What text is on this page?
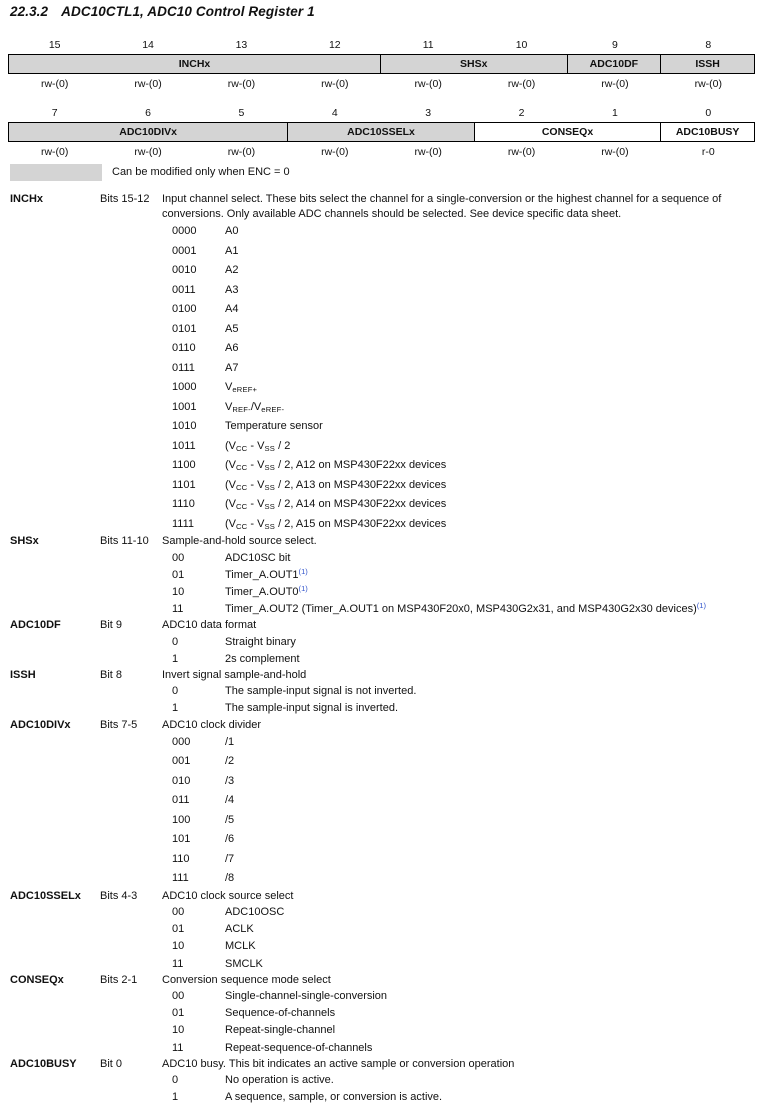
22.3.2 ADC10CTL1, ADC10 Control Register 1
15	14	13	12	11	10	9	8
INCHx	SHSx	ADC10DF	ISSH
rw-(0)	rw-(0)	rw-(0)	rw-(0)	rw-(0)	rw-(0)	rw-(0)	rw-(0)
7	6	5	4	3	2	1	0
ADC10DIVx	ADC10SSELx	CONSEQx	ADC10BUSY
rw-(0)	rw-(0)	rw-(0)	rw-(0)	rw-(0)	rw-(0)	rw-(0)	r-0
Can be modified only when ENC = 0
INCHx	Bits 15-12	Input channel select. These bits select the channel for a single-conversion or the highest channel for a sequence of conversions. Only available ADC channels should be selected. See device specific data sheet.
0000	A0
0001	A1
0010	A2
0011	A3
0100	A4
0101	A5
0110	A6
0111	A7
1000	$V_{eREF+}$
1001	$V_{REF-}/V_{eREF-}$
1010	Temperature sensor
1011	($V_{CC} - V_{SS} / 2$
1100	($V_{CC} - V_{SS} / 2$, A12 on MSP430F22xx devices
1101	($V_{CC} - V_{SS} / 2$, A13 on MSP430F22xx devices
1110	($V_{CC} - V_{SS} / 2$, A14 on MSP430F22xx devices
1111	($V_{CC} - V_{SS} / 2$, A15 on MSP430F22xx devices
SHSx	Bits 11-10	Sample-and-hold source select.
00	ADC10SC bit
01	Timer_A.OUT1$^{(1)}$
10	Timer_A.OUT0$^{(1)}$
11	Timer_A.OUT2 (Timer_A.OUT1 on MSP430F20x0, MSP430G2x31, and MSP430G2x30 devices)$^{(1)}$
ADC10DF	Bit 9	ADC10 data format
0	Straight binary
1	2s complement
ISSH	Bit 8	Invert signal sample-and-hold
0	The sample-input signal is not inverted.
1	The sample-input signal is inverted.
ADC10DIVx	Bits 7-5	ADC10 clock divider
000	/1
001	/2
010	/3
011	/4
100	/5
101	/6
110	/7
111	/8
ADC10SSELx	Bits 4-3	ADC10 clock source select
00	ADC10OSC
01	ACLK
10	MCLK
11	SMCLK
CONSEQx	Bits 2-1	Conversion sequence mode select
00	Single-channel-single-conversion
01	Sequence-of-channels
10	Repeat-single-channel
11	Repeat-sequence-of-channels
ADC10BUSY	Bit 0	ADC10 busy. This bit indicates an active sample or conversion operation
0	No operation is active.
1	A sequence, sample, or conversion is active.
